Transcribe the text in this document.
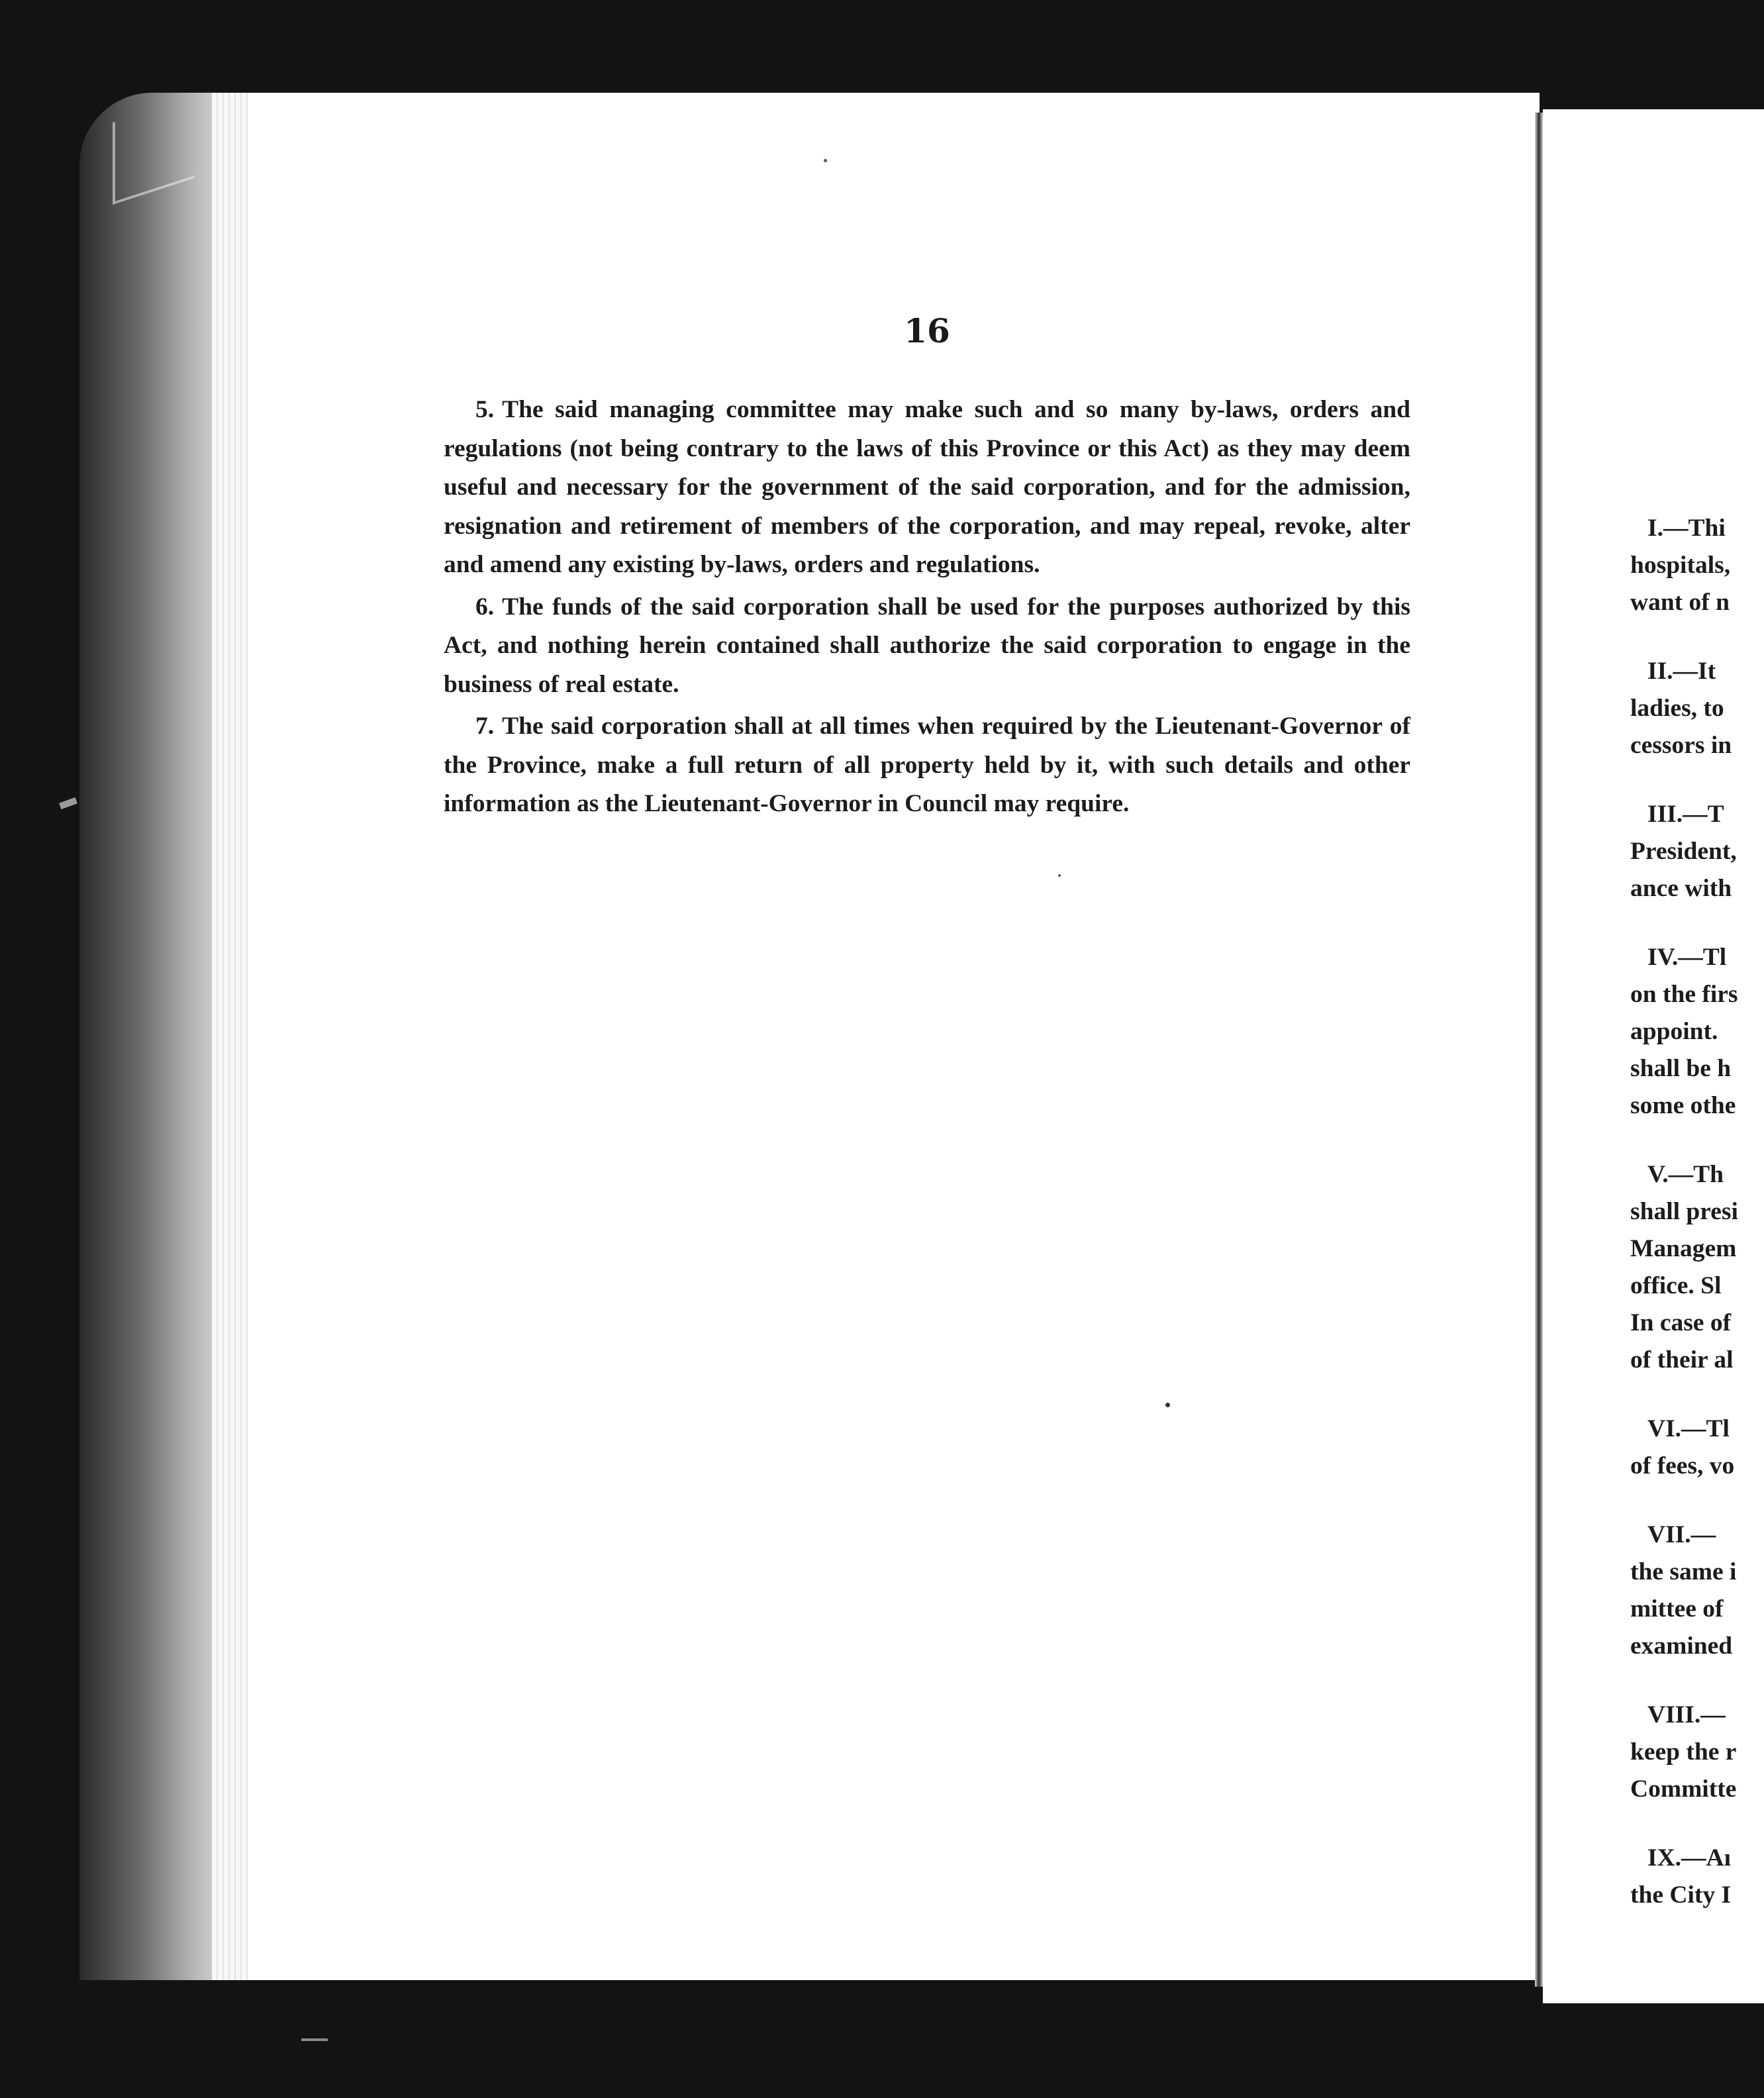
16

5. The said managing committee may make such and so many by-laws, orders and regulations (not being contrary to the laws of this Province or this Act) as they may deem useful and necessary for the government of the said corporation, and for the admission, resignation and retirement of members of the corporation, and may repeal, revoke, alter and amend any existing by-laws, orders and regulations.

6. The funds of the said corporation shall be used for the purposes authorized by this Act, and nothing herein contained shall authorize the said corporation to engage in the business of real estate.

7. The said corporation shall at all times when required by the Lieutenant-Governor of the Province, make a full return of all property held by it, with such details and other information as the Lieutenant-Governor in Council may require.

I.—Thi
hospitals,
want of n
II.—It
ladies, to
cessors in
III.—T
President,
ance with
IV.—Tl
on the firs
appoint.
shall be h
some othe
V.—Th
shall presi
Managem
office. Sl
In case of
of their al
VI.—Tl
of fees, vo
VII.—
the same i
mittee of
examined
VIII.—
keep the r
Committe
IX.—Aı
the City I
